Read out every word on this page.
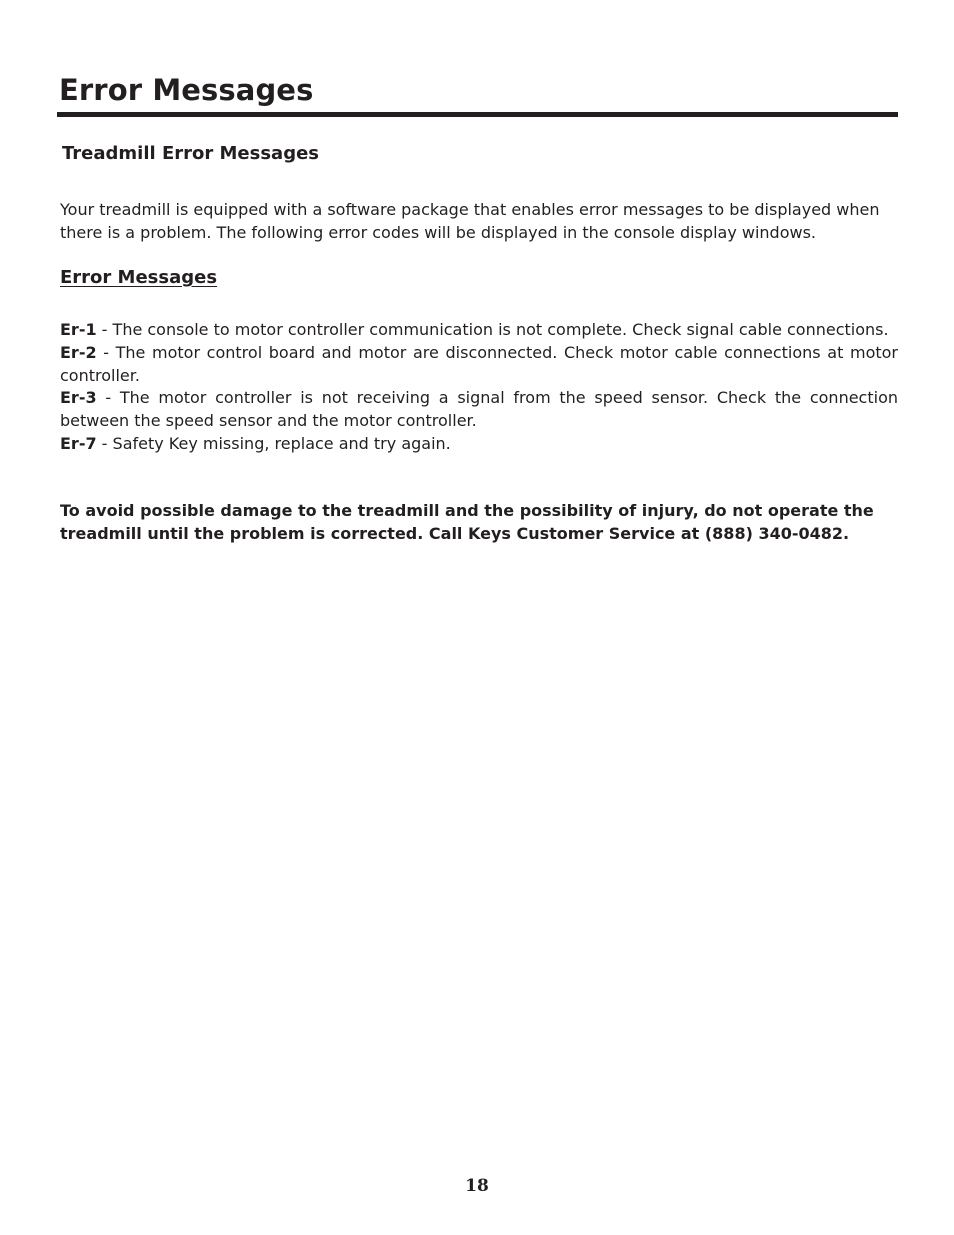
Error Messages
Treadmill Error Messages

Your treadmill is equipped with a software package that enables error messages to be displayed when there is a problem. The following error codes will be displayed in the console display windows.

Error Messages
Er-1 - The console to motor controller communication is not complete. Check signal cable connections.
Er-2 - The motor control board and motor are disconnected. Check motor cable connections at motor controller.
Er-3 - The motor controller is not receiving a signal from the speed sensor. Check the connection between the speed sensor and the motor controller.
Er-7 - Safety Key missing, replace and try again.

To avoid possible damage to the treadmill and the possibility of injury, do not operate the treadmill until the problem is corrected. Call Keys Customer Service at (888) 340-0482.

18
